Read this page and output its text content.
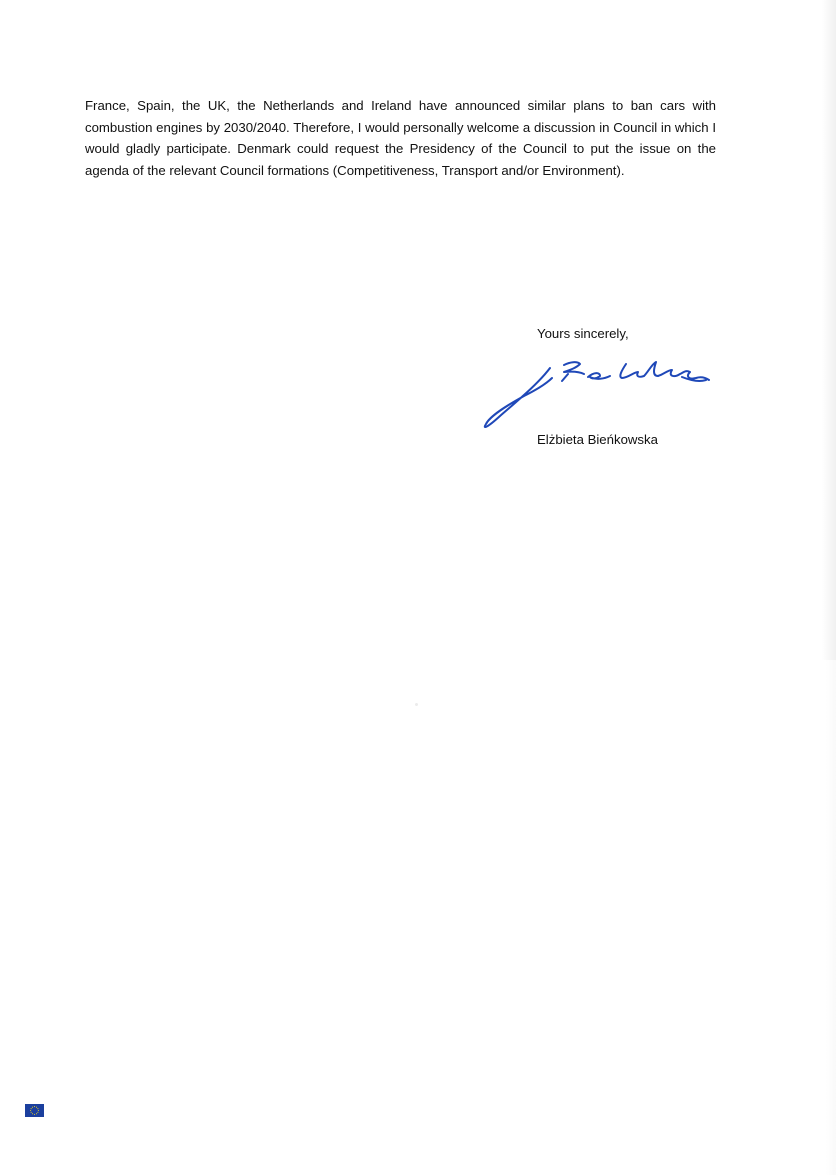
France, Spain, the UK, the Netherlands and Ireland have announced similar plans to ban cars with combustion engines by 2030/2040. Therefore, I would personally welcome a discussion in Council in which I would gladly participate. Denmark could request the Presidency of the Council to put the issue on the agenda of the relevant Council formations (Competitiveness, Transport and/or Environment).

Yours sincerely,

Elżbieta Bieńkowska
